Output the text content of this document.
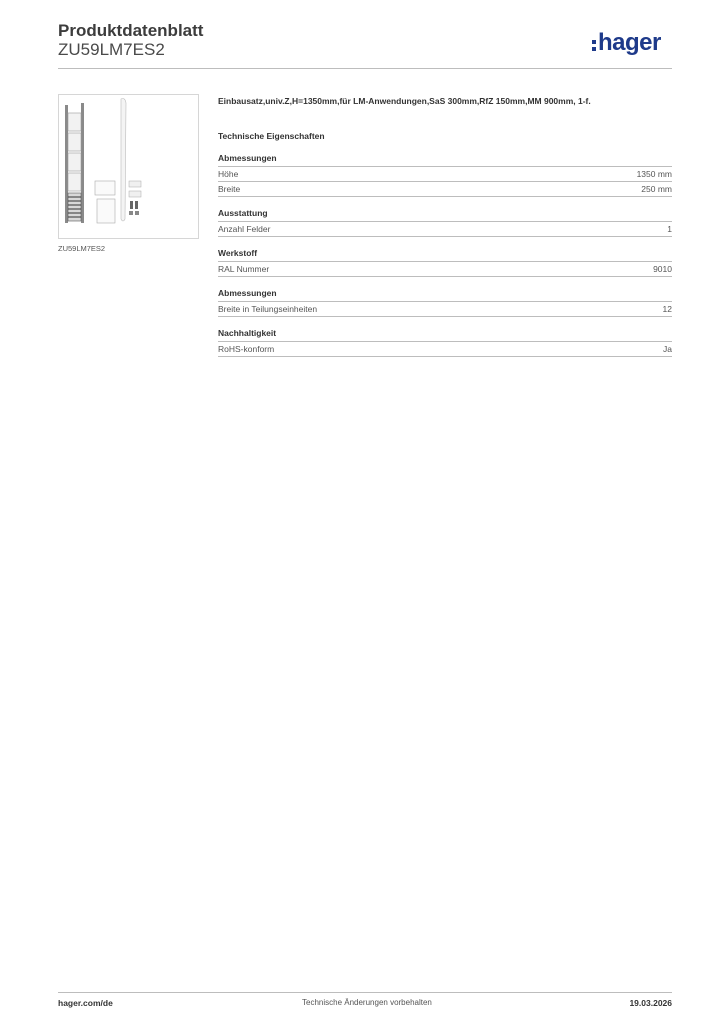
Produktdatenblatt
ZU59LM7ES2	hager
ZU59LM7ES2
Einbausatz,univ.Z,H=1350mm,für LM-Anwendungen,SaS 300mm,RfZ 150mm,MM 900mm, 1-f.
Technische Eigenschaften
Abmessungen
Höhe	1350 mm
Breite	250 mm
Ausstattung
Anzahl Felder	1
Werkstoff
RAL Nummer	9010
Abmessungen
Breite in Teilungseinheiten	12
Nachhaltigkeit
RoHS-konform	Ja
hager.com/de	Technische Änderungen vorbehalten	19.03.2026
